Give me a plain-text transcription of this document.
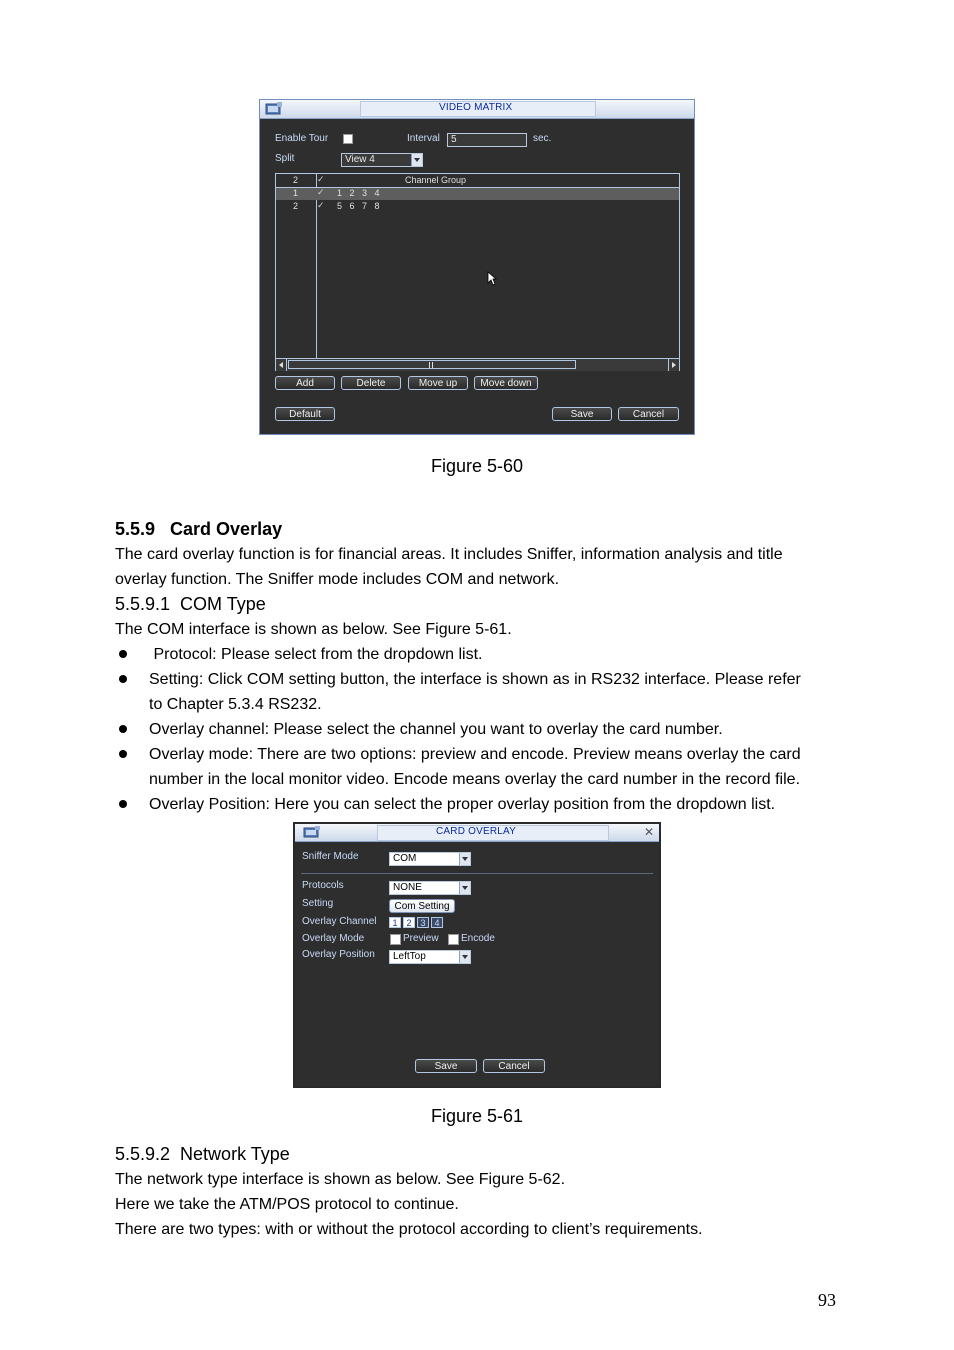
VIDEO MATRIX
Enable Tour	Interval	5	sec.
Split	View 4
2 ✓	Channel Group
1 ✓ 1   2   3   4
2 ✓ 5   6   7   8
Add	Delete	Move up	Move down
Default	Save	Cancel
Figure 5-60
5.5.9   Card Overlay
The card overlay function is for financial areas. It includes Sniffer, information analysis and title
overlay function. The Sniffer mode includes COM and network.
5.5.9.1  COM Type
The COM interface is shown as below. See Figure 5-61.
Protocol: Please select from the dropdown list.
Setting: Click COM setting button, the interface is shown as in RS232 interface. Please refer
to Chapter 5.3.4 RS232.
Overlay channel: Please select the channel you want to overlay the card number.
Overlay mode: There are two options: preview and encode. Preview means overlay the card
number in the local monitor video. Encode means overlay the card number in the record file.
Overlay Position: Here you can select the proper overlay position from the dropdown list.
CARD OVERLAY	✕
Sniffer Mode	COM
Protocols	NONE
Setting	Com Setting
Overlay Channel	1 2 3 4
Overlay Mode	Preview Encode
Overlay Position	LeftTop
Save	Cancel
Figure 5-61
5.5.9.2  Network Type
The network type interface is shown as below. See Figure 5-62.
Here we take the ATM/POS protocol to continue.
There are two types: with or without the protocol according to client’s requirements.
93
